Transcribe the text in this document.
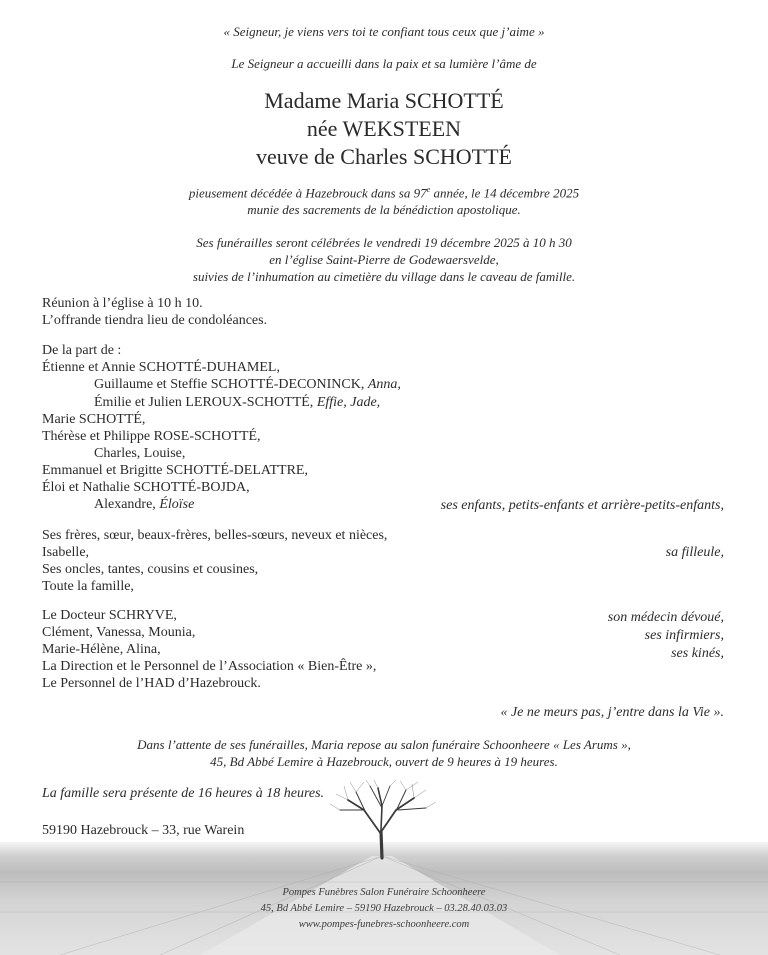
« Seigneur, je viens vers toi te confiant tous ceux que j’aime »
Le Seigneur a accueilli dans la paix et sa lumière l’âme de
Madame Maria SCHOTTÉ
née WEKSTEEN
veuve de Charles SCHOTTÉ
pieusement décédée à Hazebrouck dans sa 97e année, le 14 décembre 2025
munie des sacrements de la bénédiction apostolique.
Ses funérailles seront célébrées le vendredi 19 décembre 2025 à 10 h 30
en l’église Saint-Pierre de Godewaersvelde,
suivies de l’inhumation au cimetière du village dans le caveau de famille.
Réunion à l’église à 10 h 10.
L’offrande tiendra lieu de condoléances.
De la part de :
Étienne et Annie SCHOTTÉ-DUHAMEL,
Guillaume et Steffie SCHOTTÉ-DECONINCK, Anna,
Émilie et Julien LEROUX-SCHOTTÉ, Effie, Jade,
Marie SCHOTTÉ,
Thérèse et Philippe ROSE-SCHOTTÉ,
Charles, Louise,
Emmanuel et Brigitte SCHOTTÉ-DELATTRE,
Éloi et Nathalie SCHOTTÉ-BOJDA,
Alexandre, Éloïse	ses enfants, petits-enfants et arrière-petits-enfants,
Ses frères, sœur, beaux-frères, belles-sœurs, neveux et nièces,
Isabelle,	sa filleule,
Ses oncles, tantes, cousins et cousines,
Toute la famille,
Le Docteur SCHRYVE,	son médecin dévoué,
Clément, Vanessa, Mounia,	ses infirmiers,
Marie-Hélène, Alina,	ses kinés,
La Direction et le Personnel de l’Association « Bien-Être »,
Le Personnel de l’HAD d’Hazebrouck.
« Je ne meurs pas, j’entre dans la Vie ».
Dans l’attente de ses funérailles, Maria repose au salon funéraire Schoonheere « Les Arums »,
45, Bd Abbé Lemire à Hazebrouck, ouvert de 9 heures à 19 heures.
La famille sera présente de 16 heures à 18 heures.
59190 Hazebrouck – 33, rue Warein
Pompes Funèbres Salon Funéraire Schoonheere
45, Bd Abbé Lemire – 59190 Hazebrouck – 03.28.40.03.03
www.pompes-funebres-schoonheere.com
